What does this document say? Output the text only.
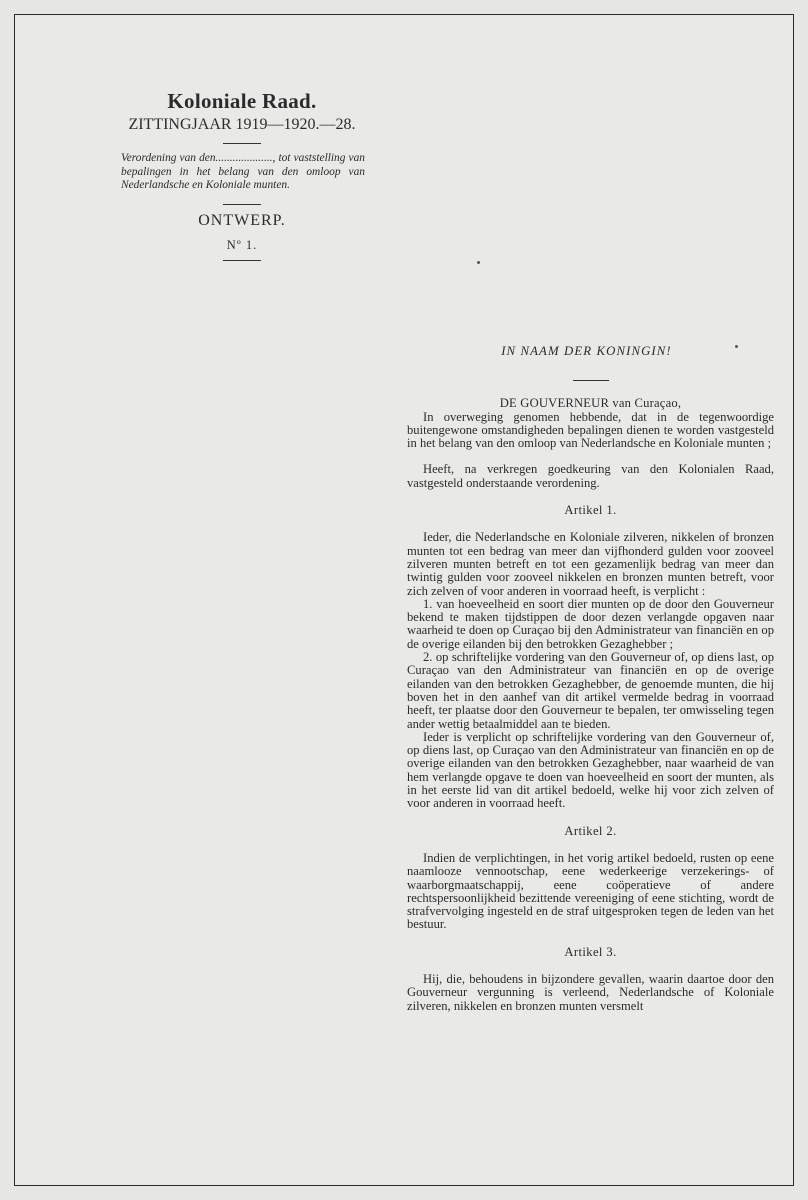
Koloniale Raad.
ZITTINGJAAR 1919—1920.—28.
Verordening van den...................., tot vaststelling van bepalingen in het belang van den omloop van Nederlandsche en Koloniale munten.
ONTWERP.
Nº 1.
IN NAAM DER KONINGIN!
DE GOUVERNEUR van Curaçao,

In overweging genomen hebbende, dat in de tegenwoordige buitengewone omstandigheden bepalingen dienen te worden vastgesteld in het belang van den omloop van Nederlandsche en Koloniale munten ;

Heeft, na verkregen goedkeuring van den Kolonialen Raad, vastgesteld onderstaande verordening.

Artikel 1.

Ieder, die Nederlandsche en Koloniale zilveren, nikkelen of bronzen munten tot een bedrag van meer dan vijfhonderd gulden voor zooveel zilveren munten betreft en tot een gezamenlijk bedrag van meer dan twintig gulden voor zooveel nikkelen en bronzen munten betreft, voor zich zelven of voor anderen in voorraad heeft, is verplicht :

1. van hoeveelheid en soort dier munten op de door den Gouverneur bekend te maken tijdstippen de door dezen verlangde opgaven naar waarheid te doen op Curaçao bij den Administrateur van financiën en op de overige eilanden bij den betrokken Gezaghebber ;

2. op schriftelijke vordering van den Gouverneur of, op diens last, op Curaçao van den Administrateur van financiën en op de overige eilanden van den betrokken Gezaghebber, de genoemde munten, die hij boven het in den aanhef van dit artikel vermelde bedrag in voorraad heeft, ter plaatse door den Gouverneur te bepalen, ter omwisseling tegen ander wettig betaalmiddel aan te bieden.

Ieder is verplicht op schriftelijke vordering van den Gouverneur of, op diens last, op Curaçao van den Administrateur van financiën en op de overige eilanden van den betrokken Gezaghebber, naar waarheid de van hem verlangde opgave te doen van hoeveelheid en soort der munten, als in het eerste lid van dit artikel bedoeld, welke hij voor zich zelven of voor anderen in voorraad heeft.

Artikel 2.

Indien de verplichtingen, in het vorig artikel bedoeld, rusten op eene naamlooze vennootschap, eene wederkeerige verzekerings- of waarborgmaatschappij, eene coöperatieve of andere rechtspersoonlijkheid bezittende vereeniging of eene stichting, wordt de strafvervolging ingesteld en de straf uitgesproken tegen de leden van het bestuur.

Artikel 3.

Hij, die, behoudens in bijzondere gevallen, waarin daartoe door den Gouverneur vergunning is verleend, Nederlandsche of Koloniale zilveren, nikkelen en bronzen munten versmelt
